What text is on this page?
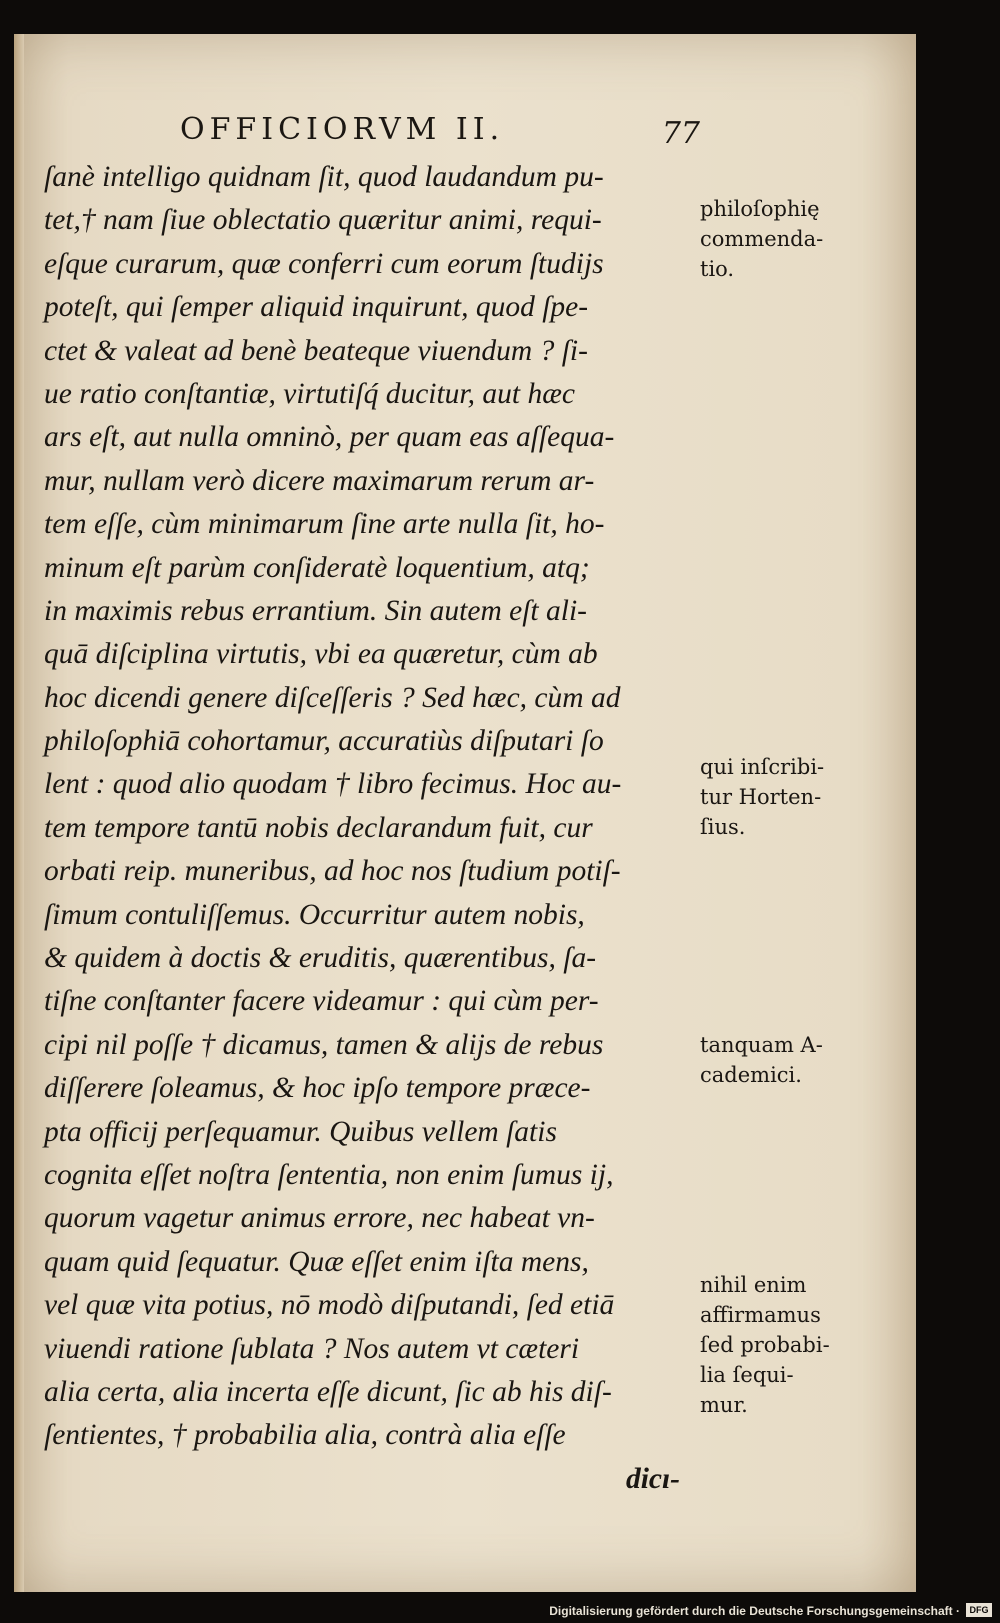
OFFICIORVM II.	77
ſanè intelligo quidnam ſit, quod laudandum pu-
tet,† nam ſiue oblectatio quæritur animi, requi-
eſque curarum, quæ conferri cum eorum ſtudijs
poteſt, qui ſemper aliquid inquirunt, quod ſpe-
ctet & valeat ad benè beateque viuendum ? ſi-
ue ratio conſtantiæ, virtutiſq́ ducitur, aut hæc
ars eſt, aut nulla omninò, per quam eas aſſequa-
mur, nullam verò dicere maximarum rerum ar-
tem eſſe, cùm minimarum ſine arte nulla ſit, ho-
minum eſt parùm conſideratè loquentium, atq;
in maximis rebus errantium. Sin autem eſt ali-
quā diſciplina virtutis, vbi ea quæretur, cùm ab
hoc dicendi genere diſceſſeris ? Sed hæc, cùm ad
philoſophiā cohortamur, accuratiùs diſputari ſo
lent : quod alio quodam † libro fecimus. Hoc au-
tem tempore tantū nobis declarandum fuit, cur
orbati reip. muneribus, ad hoc nos ſtudium potiſ-
ſimum contuliſſemus. Occurritur autem nobis,
& quidem à doctis & eruditis, quærentibus, ſa-
tiſne conſtanter facere videamur : qui cùm per-
cipi nil poſſe † dicamus, tamen & alijs de rebus
diſſerere ſoleamus, & hoc ipſo tempore præce-
pta officij perſequamur. Quibus vellem ſatis
cognita eſſet noſtra ſententia, non enim ſumus ij,
quorum vagetur animus errore, nec habeat vn-
quam quid ſequatur. Quæ eſſet enim iſta mens,
vel quæ vita potius, nō modò diſputandi, ſed etiā
viuendi ratione ſublata ? Nos autem vt cæteri
alia certa, alia incerta eſſe dicunt, ſic ab his diſ-
ſentientes, † probabilia alia, contrà alia eſſe
dicı-
philoſophię
commenda-
tio.
qui inſcribi-
tur Horten-
ſius.
tanquam A-
cademici.
nihil enim
affirmamus
ſed probabi-
lia ſequi-
mur.
Digitalisierung gefördert durch die Deutsche Forschungsgemeinschaft ·	DFG
